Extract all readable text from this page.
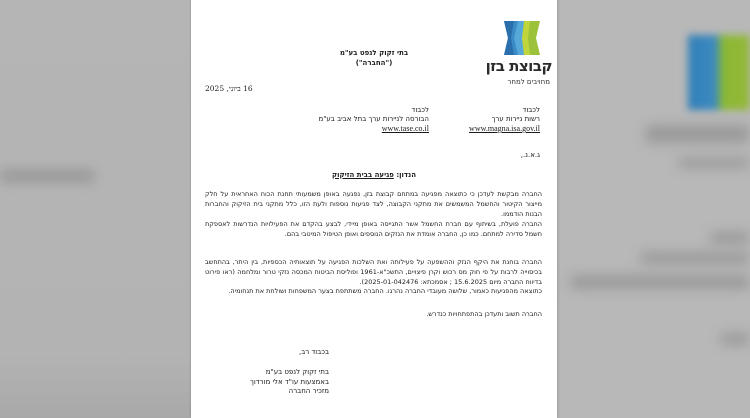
קבוצת בזן
מחויבים למחר
בתי זקוק לנפט בע"מ
("החברה")
16 ביוני, 2025
לכבוד
רשות ניירות ערך
www.magna.isa.gov.il
לכבוד
הבורסה לניירות ערך בתל אביב בע"מ
www.tase.co.il
ג.א.נ.,
הנדון: פגיעה בבית הזיקוק
החברה מבקשת לעדכן כי כתוצאה מפגיעה במתחם קבוצת בזן, נפגעה באופן משמעותי תחנת הכוח האחראית על חלק מייצור הקיטור והחשמל המשמשים את מתקני הקבוצה, לצד פגיעות נוספות ולעת הזו, כלל מתקני בית הזיקוק והחברות הבנות הודממו.
החברה פועלת, בשיתוף עם חברת החשמל אשר התגייסה באופן מיידי, לבצע בהקדם את הפעילויות הנדרשות לאספקת חשמל סדירה למתחם. כמו כן, החברה אומדת את הנזקים הנוספים ואופן הטיפול המיטבי בהם.
החברה בוחנת את היקף הנזק וההשפעה על פעילותה ואת השלכות הפגיעה על תוצאותיה הכספיות, בין היתר, בהתחשב בכיסוייה לרבות על פי חוק מס רכוש וקרן פיצויים, התשכ"א-1961 ופוליסת הביטוח המכסה נזקי טרור ומלחמה (ראו פירוט בדיווח החברה מיום 15.6.2025 ; אסמכתא: 2025-01-042476).
כתוצאה מהפגיעות כאמור, שלושה מעובדי החברה נהרגו. החברה משתתפת בצער המשפחות ושולחת את תנחומיה.
החברה תשוב ותעדכן בהתפתחויות כנדרש.
בכבוד רב,
בתי זקוק לנפט בע"מ
באמצעות עו"ד אלי מורדוך
מזכיר החברה
